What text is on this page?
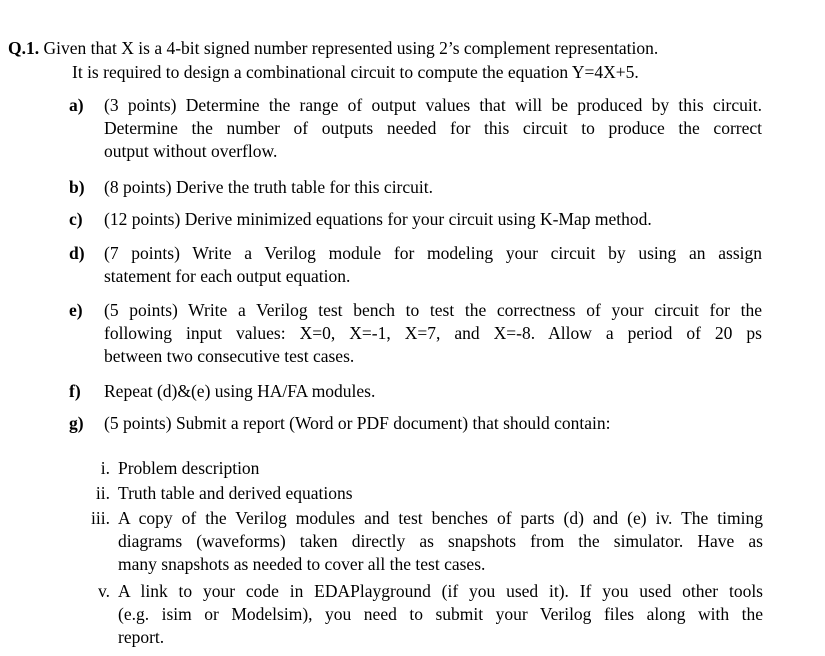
Q.1. Given that X is a 4-bit signed number represented using 2’s complement representation.
It is required to design a combinational circuit to compute the equation Y=4X+5.
a)	(3 points) Determine the range of output values that will be produced by this circuit.
Determine the number of outputs needed for this circuit to produce the correct
output without overflow.
b)	(8 points) Derive the truth table for this circuit.
c)	(12 points) Derive minimized equations for your circuit using K-Map method.
d)	(7 points) Write a Verilog module for modeling your circuit by using an assign
statement for each output equation.
e)	(5 points) Write a Verilog test bench to test the correctness of your circuit for the
following input values: X=0, X=-1, X=7, and X=-8. Allow a period of 20 ps
between two consecutive test cases.
f)	Repeat (d)&(e) using HA/FA modules.
g)	(5 points) Submit a report (Word or PDF document) that should contain:
i. Problem description
ii. Truth table and derived equations
iii. A copy of the Verilog modules and test benches of parts (d) and (e) iv. The timing
diagrams (waveforms) taken directly as snapshots from the simulator. Have as
many snapshots as needed to cover all the test cases.
v. A link to your code in EDAPlayground (if you used it). If you used other tools
(e.g. isim or Modelsim), you need to submit your Verilog files along with the
report.
